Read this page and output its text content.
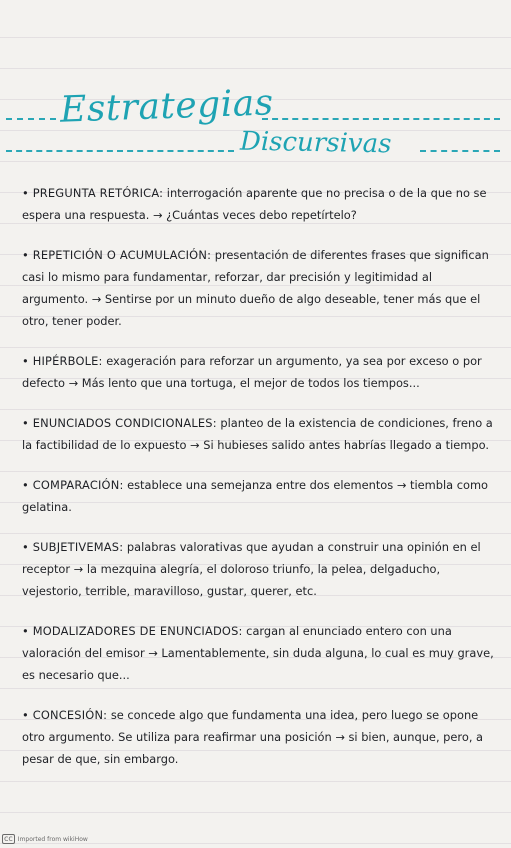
Estrategias
Discursivas
• PREGUNTA RETÓRICA: interrogación aparente que no precisa o de la que no se espera una respuesta. → ¿Cuántas veces debo repetírtelo?
• REPETICIÓN O ACUMULACIÓN: presentación de diferentes frases que significan casi lo mismo para fundamentar, reforzar, dar precisión y legitimidad al argumento. → Sentirse por un minuto dueño de algo deseable, tener más que el otro, tener poder.
• HIPÉRBOLE: exageración para reforzar un argumento, ya sea por exceso o por defecto → Más lento que una tortuga, el mejor de todos los tiempos...
• ENUNCIADOS CONDICIONALES: planteo de la existencia de condiciones, freno a la factibilidad de lo expuesto → Si hubieses salido antes habrías llegado a tiempo.
• COMPARACIÓN: establece una semejanza entre dos elementos → tiembla como gelatina.
• SUBJETIVEMAS: palabras valorativas que ayudan a construir una opinión en el receptor → la mezquina alegría, el doloroso triunfo, la pelea, delgaducho, vejestorio, terrible, maravilloso, gustar, querer, etc.
• MODALIZADORES DE ENUNCIADOS: cargan al enunciado entero con una valoración del emisor → Lamentablemente, sin duda alguna, lo cual es muy grave, es necesario que...
• CONCESIÓN: se concede algo que fundamenta una idea, pero luego se opone otro argumento. Se utiliza para reafirmar una posición → si bien, aunque, pero, a pesar de que, sin embargo.
cc Imported from wikiHow
